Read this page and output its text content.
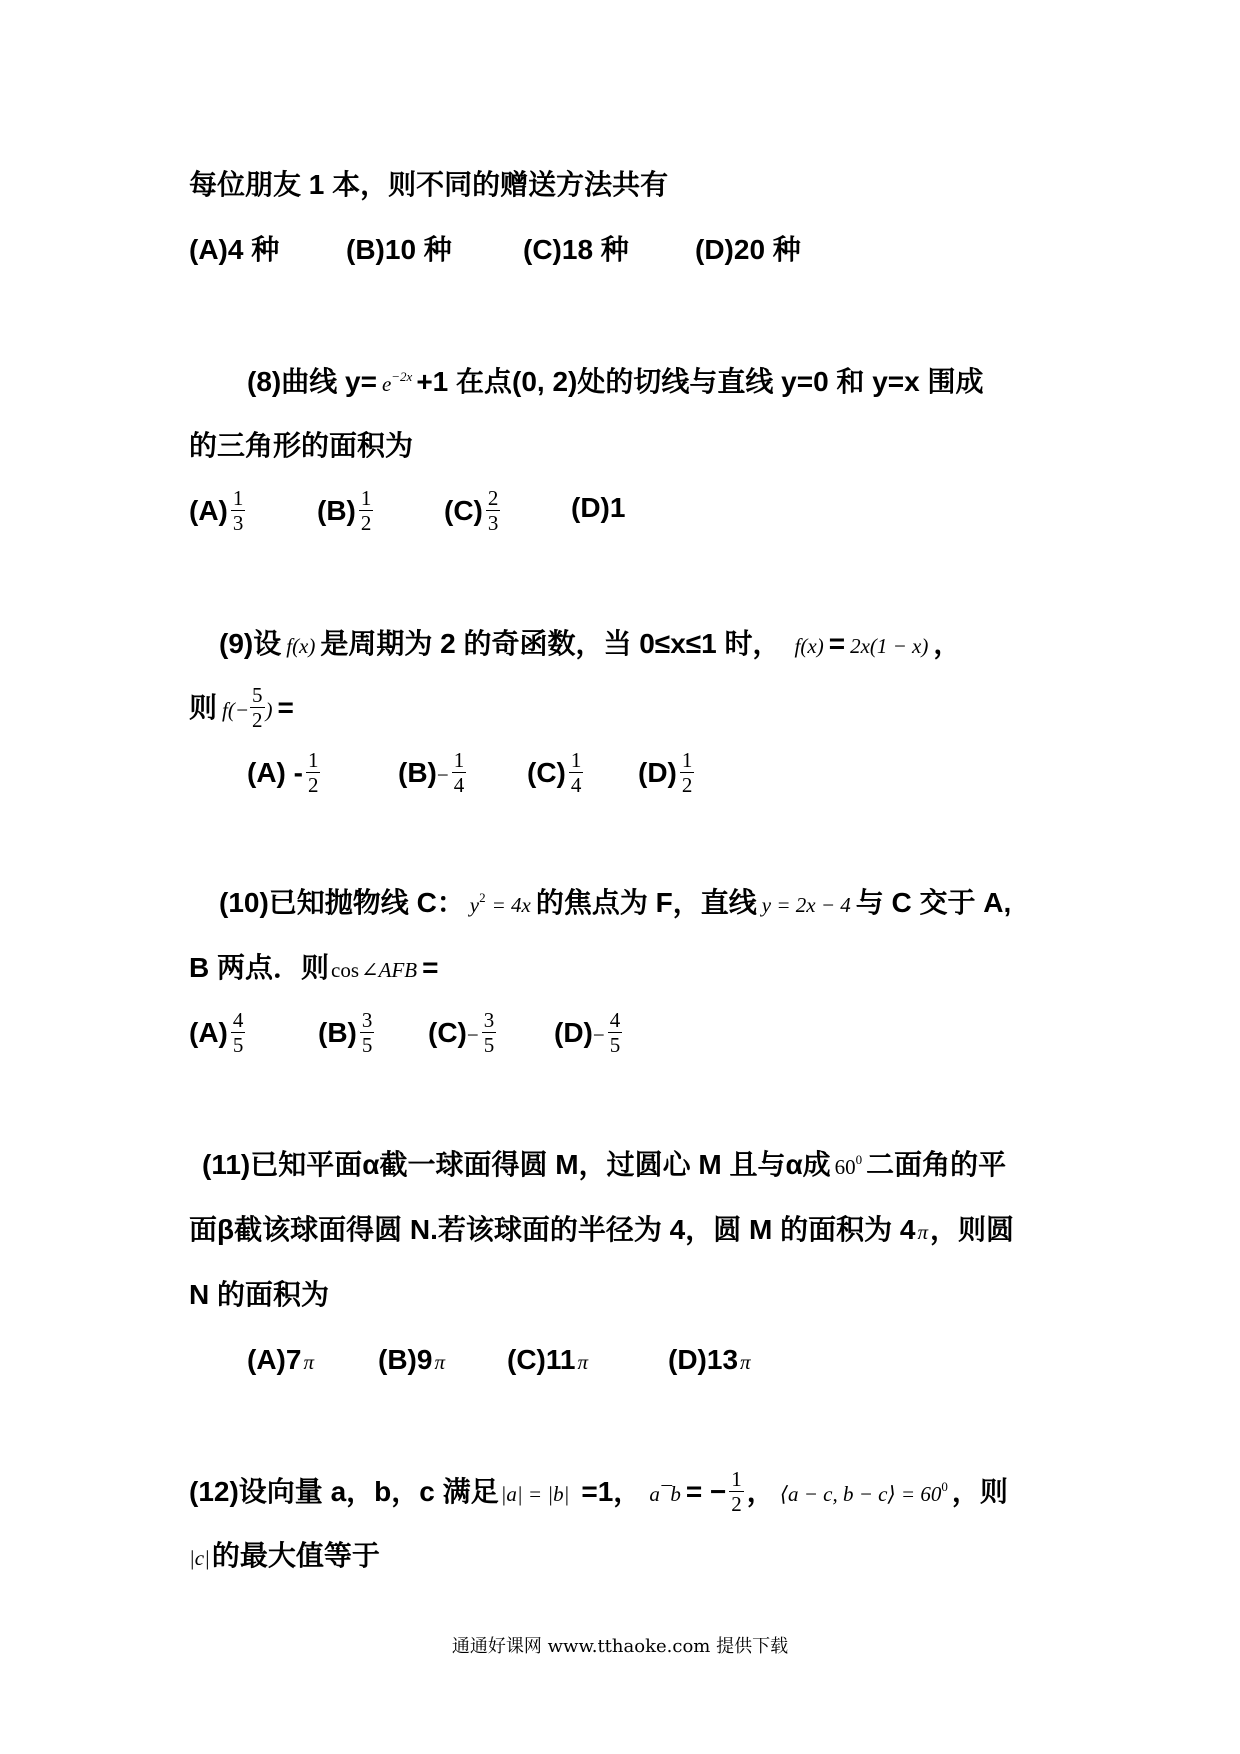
每位朋友 1 本，则不同的赠送方法共有
(A)4 种 (B)10 种	(C)18 种 (D)20 种
(8)曲线 $y= e^{-2x} +1$ 在点(0, 2)处的切线与直线 y=0 和 y=x 围成
的三角形的面积为
$(A) \frac{1}{3}$	$(B) \frac{1}{2}$	$(C) \frac{2}{3}$	(D)1
(9)设 f(x) 是周期为 2 的奇函数，当 0≤x≤1 时， f(x) = 2x(1 − x) ，
则 $f(- \frac{5}{2}$ ) =
$(A) - \frac{1}{2}$	$(B)- \frac{1}{4} (C) \frac{1}{4} (D) \frac{1}{2}$
(10)已知抛物线 C： $y^2 = 4x$ 的焦点为 F，直线 y = 2x − 4 与 C 交于 A,
B 两点．则cos∠AFB =
$(A) \frac{4}{5}$	$(B) \frac{3}{5} (C)- \frac{3}{5} (D)- \frac{4}{5}$
(11)已知平面α截一球面得圆 M，过圆心 M 且与α成 $60^0$ 二面角的平
面β截该球面得圆 N.若该球面的半径为 4，圆 M 的面积为 4π，则圆
N 的面积为
(A)7π (B)9π (C)11π	(D)13π
(12)设向量 a，b，c 满足|a| = |b| =1， a¯b = − $\frac{1}{2}$ ， ⟨a − c, b − c⟩ = $60^0$ ，则
|c|的最大值等于
通通好课网 www.tthaoke.com 提供下载
